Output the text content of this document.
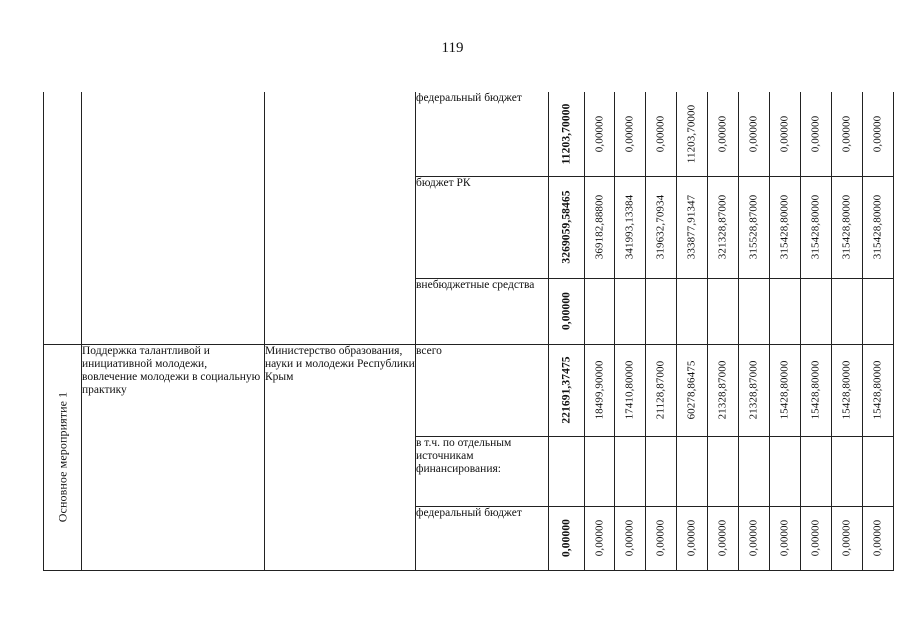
119
			федеральный бюджет	11203,70000	0,00000	0,00000	0,00000	11203,70000	0,00000	0,00000	0,00000	0,00000	0,00000	0,00000

			бюджет РК	3269059,58465	369182,88800	341993,13384	319632,70934	333877,91347	321328,87000	315528,87000	315428,80000	315428,80000	315428,80000	315428,80000

			внебюджетные средства	0,00000										

Основное мероприятие 1	Поддержка талантливой и инициативной молодежи, вовлечение молодежи в социальную практику	Министерство образования, науки и молодежи Республики Крым	всего	221691,37475	18499,90000	17410,80000	21128,87000	60278,86475	21328,87000	21328,87000	15428,80000	15428,80000	15428,80000	15428,80000

			в т.ч. по отдельным источникам финансирования:											
			федеральный бюджет	0,00000	0,00000	0,00000	0,00000	0,00000	0,00000	0,00000	0,00000	0,00000	0,00000	0,00000
